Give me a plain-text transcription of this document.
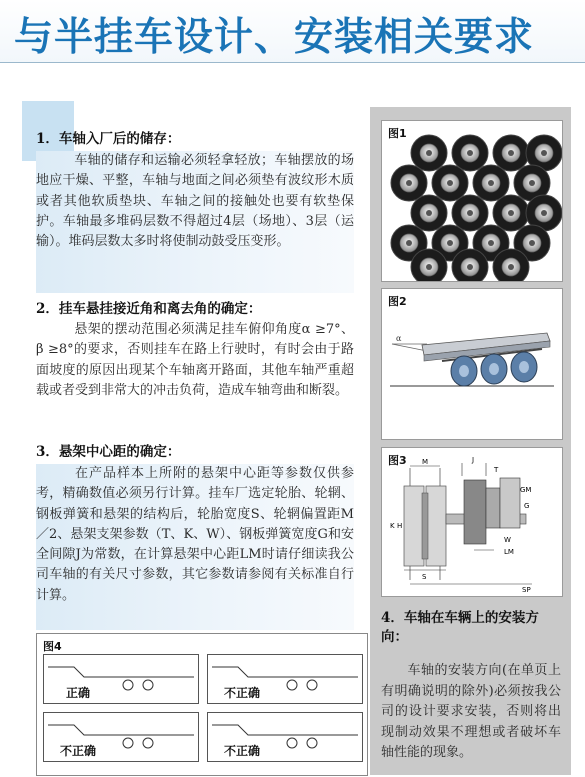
与半挂车设计、安装相关要求
1．车轴入厂后的储存：
车轴的储存和运输必须轻拿轻放；车轴摆放的场地应干燥、平整，车轴与地面之间必须垫有波纹形木质或者其他软质垫块、车轴之间的接触处也要有软垫保护。车轴最多堆码层数不得超过4层（场地）、3层（运输）。堆码层数太多时将使制动鼓受压变形。
2．挂车悬挂接近角和离去角的确定：
悬架的摆动范围必须满足挂车俯仰角度α ≥7°、β ≥8°的要求，否则挂车在路上行驶时，有时会由于路面坡度的原因出现某个车轴离开路面，其他车轴严重超载或者受到非常大的冲击负荷，造成车轴弯曲和断裂。
3．悬架中心距的确定：
在产品样本上所附的悬架中心距等参数仅供参考，精确数值必须另行计算。挂车厂选定轮胎、轮辋、钢板弹簧和悬架的结构后，轮胎宽度S、轮辋偏置距M／2、悬架支架参数（T、K、W）、钢板弹簧宽度G和安全间隙J为常数，在计算悬架中心距LM时请仔细读我公司车轴的有关尺寸参数，其它参数请参阅有关标准自行计算。
图1
图2
α
图3 M	J
T
GM
G
K H
W
LM
S
SP
4．车轴在车辆上的安装方向：
车轴的安装方向(在单页上有明确说明的除外)必须按我公司的设计要求安装，否则将出现制动效果不理想或者破坏车轴性能的现象。
图4
正确	不正确
不正确	不正确
